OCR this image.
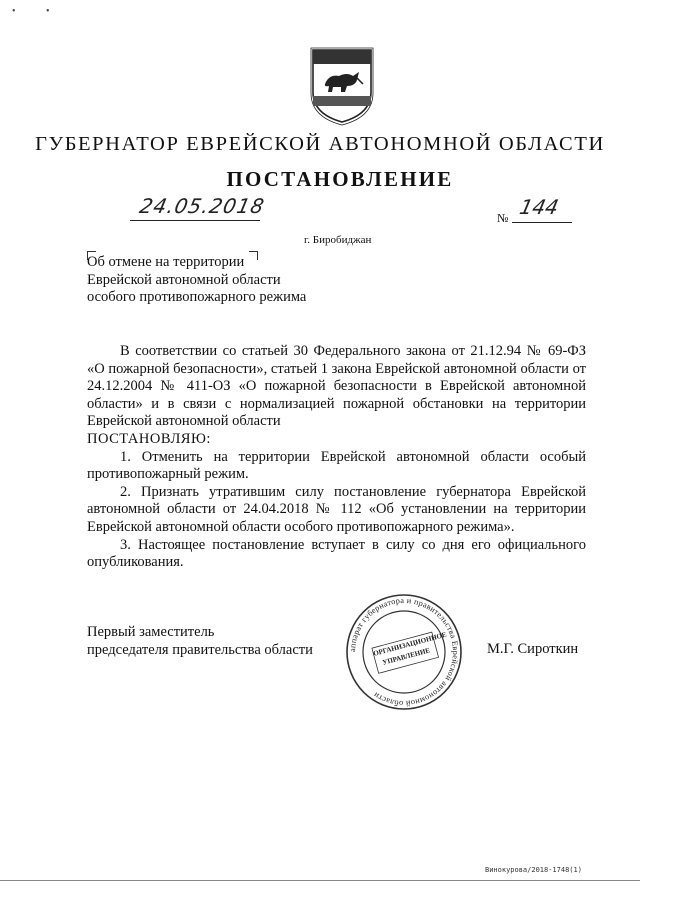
• •
ГУБЕРНАТОР ЕВРЕЙСКОЙ АВТОНОМНОЙ ОБЛАСТИ
ПОСТАНОВЛЕНИЕ
24.05.2018	№ 144
г. Биробиджан
Об отмене на территории
Еврейской автономной области
особого противопожарного режима

В соответствии со статьей 30 Федерального закона от 21.12.94 № 69-ФЗ «О пожарной безопасности», статьей 1 закона Еврейской автономной области от 24.12.2004 № 411-ОЗ «О пожарной безопасности в Еврейской автономной области» и в связи с нормализацией пожарной обстановки на территории Еврейской автономной области

ПОСТАНОВЛЯЮ:

1. Отменить на территории Еврейской автономной области особый противопожарный режим.

2. Признать утратившим силу постановление губернатора Еврейской автономной области от 24.04.2018 № 112 «Об установлении на территории Еврейской автономной области особого противопожарного режима».

3. Настоящее постановление вступает в силу со дня его официального опубликования.

Первый заместитель
председателя правительства области	аппарат губернатора и правительства Еврейской автономной области
ОРГАНИЗАЦИОННОЕ УПРАВЛЕНИЕ	М.Г. Сироткин
Винокурова/2018-1748(1)
